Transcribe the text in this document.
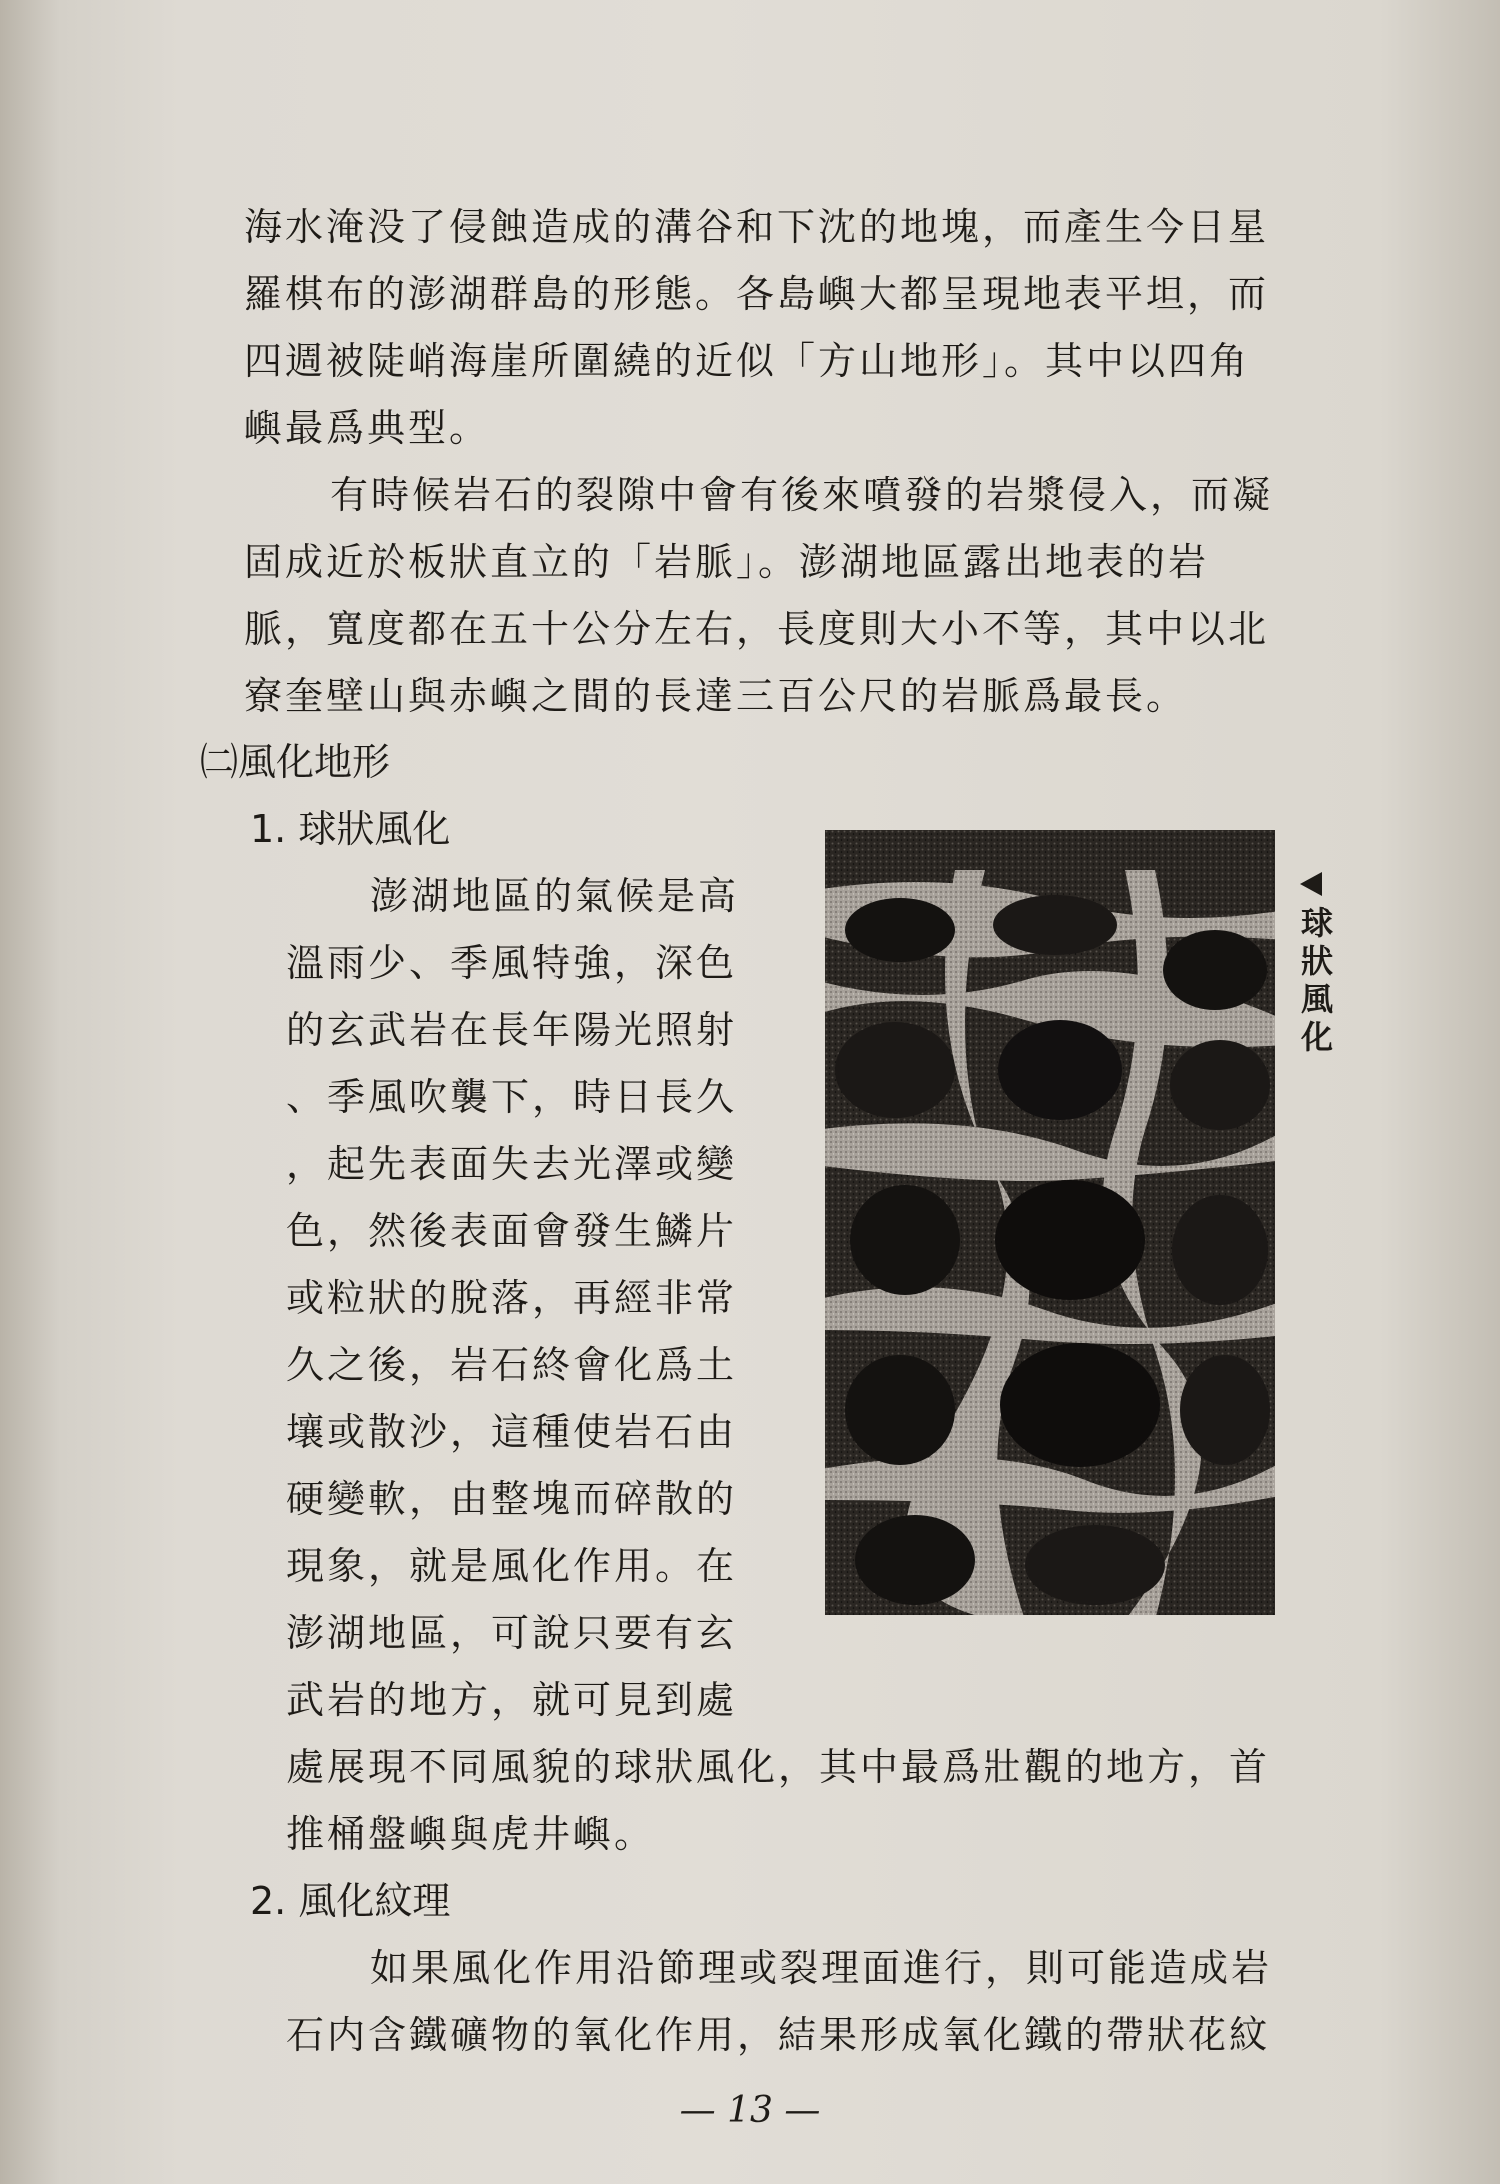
海水淹没了侵蝕造成的溝谷和下沈的地塊，而產生今日星
羅棋布的澎湖群島的形態。各島嶼大都呈現地表平坦，而
四週被陡峭海崖所圍繞的近似「方山地形」。其中以四角
嶼最爲典型。
有時候岩石的裂隙中會有後來噴發的岩漿侵入，而凝
固成近於板狀直立的「岩脈」。澎湖地區露出地表的岩
脈，寬度都在五十公分左右，長度則大小不等，其中以北
寮奎壁山與赤嶼之間的長達三百公尺的岩脈爲最長。
㈡風化地形
1. 球狀風化
澎湖地區的氣候是高
溫雨少、季風特強，深色
的玄武岩在長年陽光照射
、季風吹襲下，時日長久
，起先表面失去光澤或變
色，然後表面會發生鱗片
或粒狀的脫落，再經非常
久之後，岩石終會化爲土
壤或散沙，這種使岩石由
硬變軟，由整塊而碎散的
現象，就是風化作用。在
澎湖地區，可說只要有玄
武岩的地方，就可見到處
處展現不同風貌的球狀風化，其中最爲壯觀的地方，首
推桶盤嶼與虎井嶼。
球
狀
風
化
2. 風化紋理
如果風化作用沿節理或裂理面進行，則可能造成岩
石内含鐵礦物的氧化作用，結果形成氧化鐵的帶狀花紋
— 13 —
